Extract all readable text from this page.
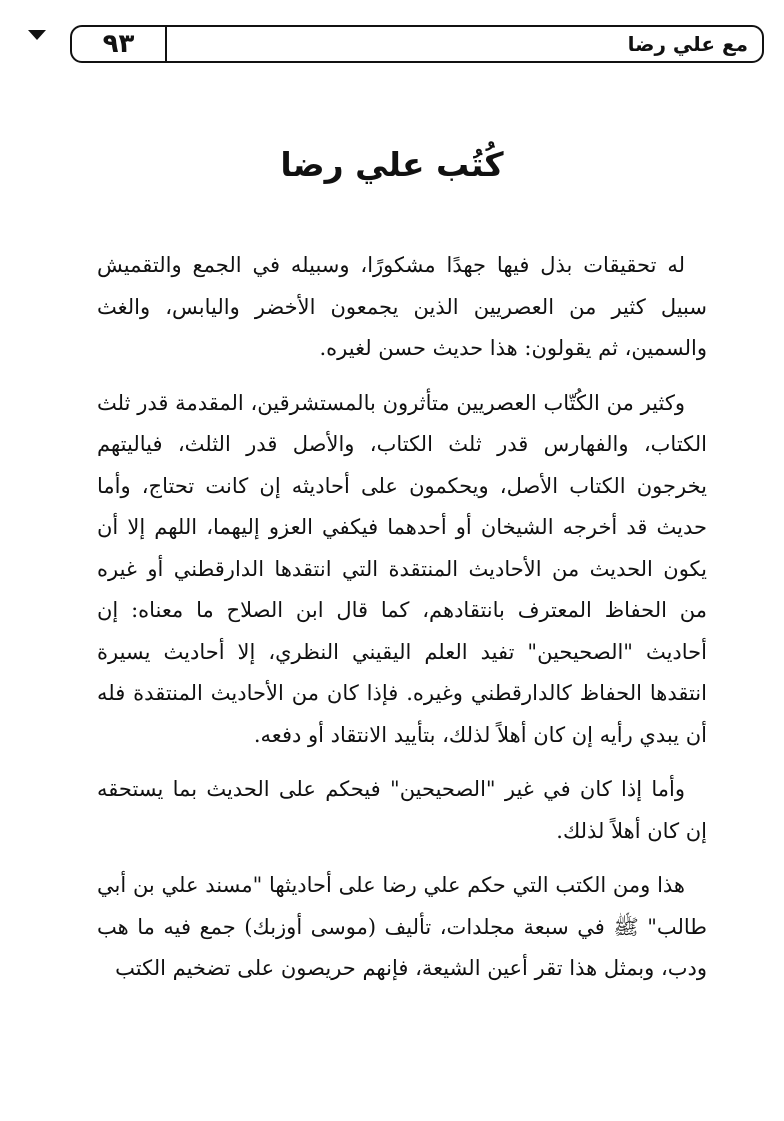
٩٣	مع علي رضا
كُتُب علي رضا

له تحقيقات بذل فيها جهدًا مشكورًا، وسبيله في الجمع والتقميش سبيل كثير من العصريين الذين يجمعون الأخضر واليابس، والغث والسمين، ثم يقولون: هذا حديث حسن لغيره.

وكثير من الكُتّاب العصريين متأثرون بالمستشرقين، المقدمة قدر ثلث الكتاب، والفهارس قدر ثلث الكتاب، والأصل قدر الثلث، فياليتهم يخرجون الكتاب الأصل، ويحكمون على أحاديثه إن كانت تحتاج، وأما حديث قد أخرجه الشيخان أو أحدهما فيكفي العزو إليهما، اللهم إلا أن يكون الحديث من الأحاديث المنتقدة التي انتقدها الدارقطني أو غيره من الحفاظ المعترف بانتقادهم، كما قال ابن الصلاح ما معناه: إن أحاديث "الصحيحين" تفيد العلم اليقيني النظري، إلا أحاديث يسيرة انتقدها الحفاظ كالدارقطني وغيره. فإذا كان من الأحاديث المنتقدة فله أن يبدي رأيه إن كان أهلاً لذلك، بتأييد الانتقاد أو دفعه.

وأما إذا كان في غير "الصحيحين" فيحكم على الحديث بما يستحقه إن كان أهلاً لذلك.

هذا ومن الكتب التي حكم علي رضا على أحاديثها "مسند علي بن أبي طالب" ﷺ في سبعة مجلدات، تأليف (موسى أوزبك) جمع فيه ما هب ودب، وبمثل هذا تقر أعين الشيعة، فإنهم حريصون على تضخيم الكتب
